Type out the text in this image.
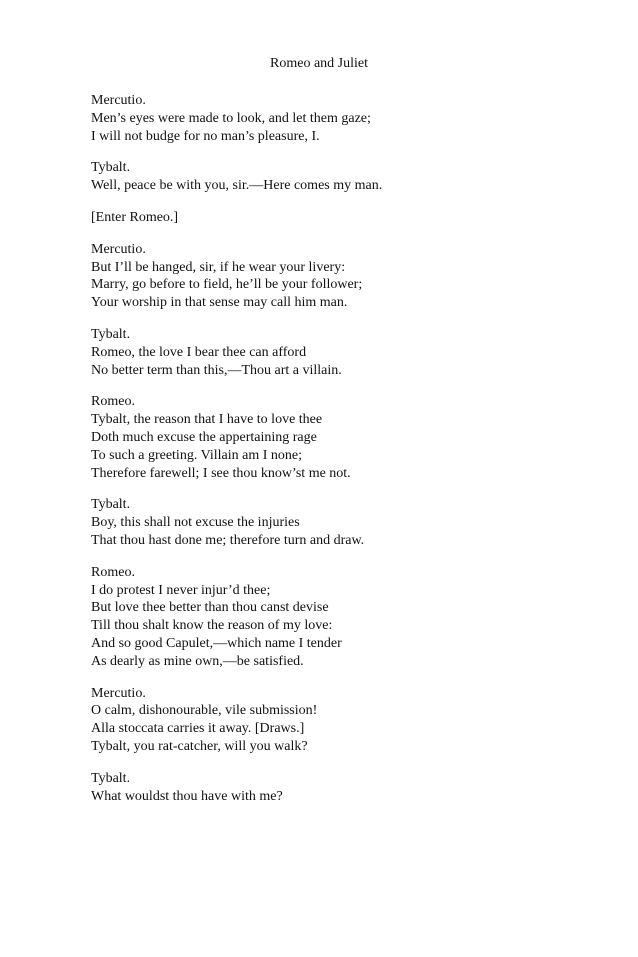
Romeo and Juliet
Mercutio.
Men’s eyes were made to look, and let them gaze;
I will not budge for no man’s pleasure, I.
Tybalt.
Well, peace be with you, sir.—Here comes my man.
[Enter Romeo.]
Mercutio.
But I’ll be hanged, sir, if he wear your livery:
Marry, go before to field, he’ll be your follower;
Your worship in that sense may call him man.
Tybalt.
Romeo, the love I bear thee can afford
No better term than this,—Thou art a villain.
Romeo.
Tybalt, the reason that I have to love thee
Doth much excuse the appertaining rage
To such a greeting. Villain am I none;
Therefore farewell; I see thou know’st me not.
Tybalt.
Boy, this shall not excuse the injuries
That thou hast done me; therefore turn and draw.
Romeo.
I do protest I never injur’d thee;
But love thee better than thou canst devise
Till thou shalt know the reason of my love:
And so good Capulet,—which name I tender
As dearly as mine own,—be satisfied.
Mercutio.
O calm, dishonourable, vile submission!
Alla stoccata carries it away. [Draws.]
Tybalt, you rat-catcher, will you walk?
Tybalt.
What wouldst thou have with me?
